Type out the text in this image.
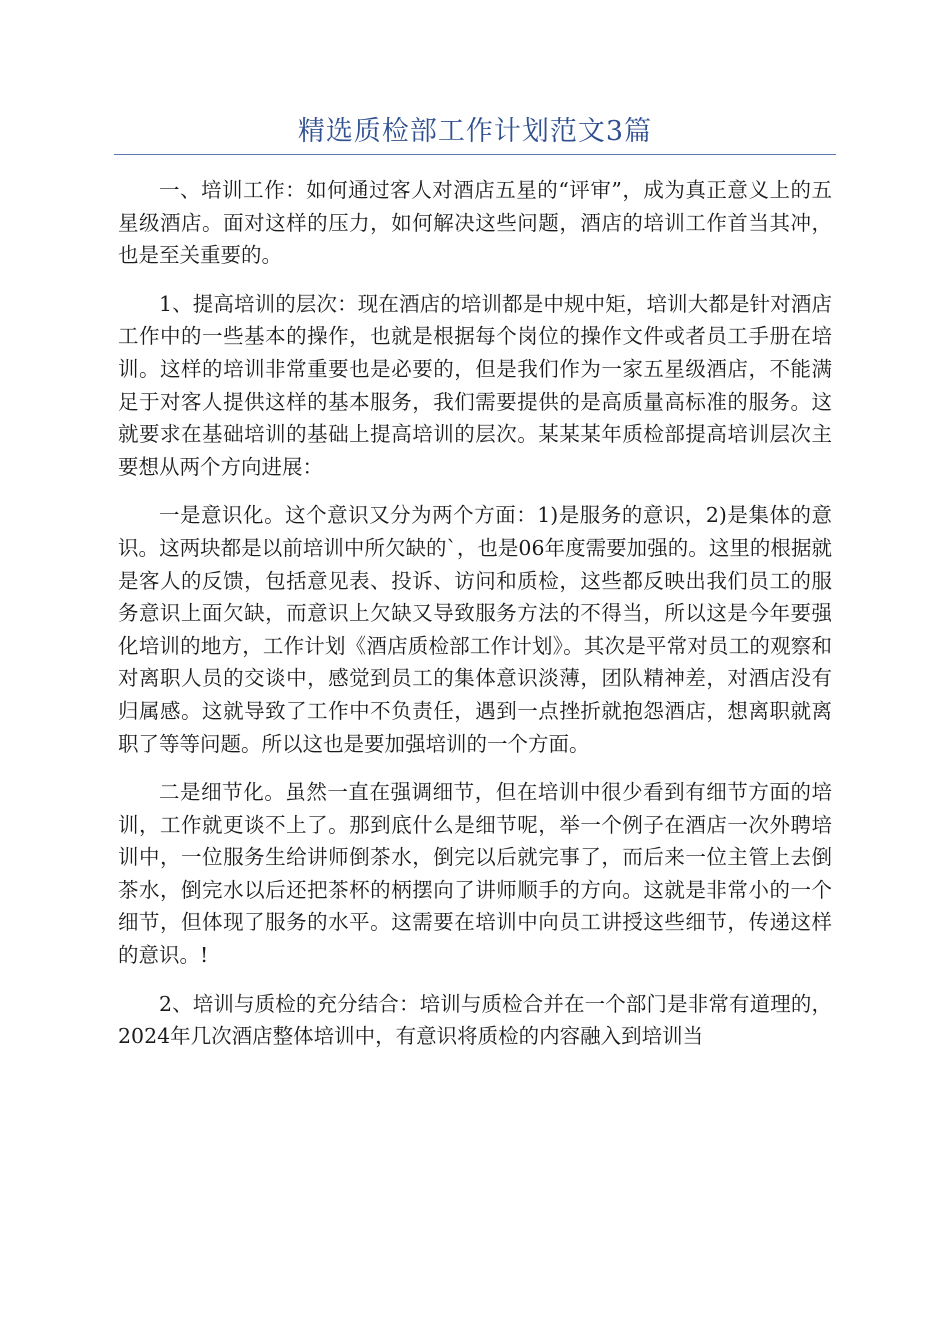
精选质检部工作计划范文3篇

一、培训工作：如何通过客人对酒店五星的“评审”，成为真正意义上的五星级酒店。面对这样的压力，如何解决这些问题，酒店的培训工作首当其冲，也是至关重要的。

1、提高培训的层次：现在酒店的培训都是中规中矩，培训大都是针对酒店工作中的一些基本的操作，也就是根据每个岗位的操作文件或者员工手册在培训。这样的培训非常重要也是必要的，但是我们作为一家五星级酒店，不能满足于对客人提供这样的基本服务，我们需要提供的是高质量高标准的服务。这就要求在基础培训的基础上提高培训的层次。某某某年质检部提高培训层次主要想从两个方向进展：

一是意识化。这个意识又分为两个方面：1)是服务的意识，2)是集体的意识。这两块都是以前培训中所欠缺的`，也是06年度需要加强的。这里的根据就是客人的反馈，包括意见表、投诉、访问和质检，这些都反映出我们员工的服务意识上面欠缺，而意识上欠缺又导致服务方法的不得当，所以这是今年要强化培训的地方，工作计划《酒店质检部工作计划》。其次是平常对员工的观察和对离职人员的交谈中，感觉到员工的集体意识淡薄，团队精神差，对酒店没有归属感。这就导致了工作中不负责任，遇到一点挫折就抱怨酒店，想离职就离职了等等问题。所以这也是要加强培训的一个方面。

二是细节化。虽然一直在强调细节，但在培训中很少看到有细节方面的培训，工作就更谈不上了。那到底什么是细节呢，举一个例子在酒店一次外聘培训中，一位服务生给讲师倒茶水，倒完以后就完事了，而后来一位主管上去倒茶水，倒完水以后还把茶杯的柄摆向了讲师顺手的方向。这就是非常小的一个细节，但体现了服务的水平。这需要在培训中向员工讲授这些细节，传递这样的意识。!

2、培训与质检的充分结合：培训与质检合并在一个部门是非常有道理的，2024年几次酒店整体培训中，有意识将质检的内容融入到培训当
